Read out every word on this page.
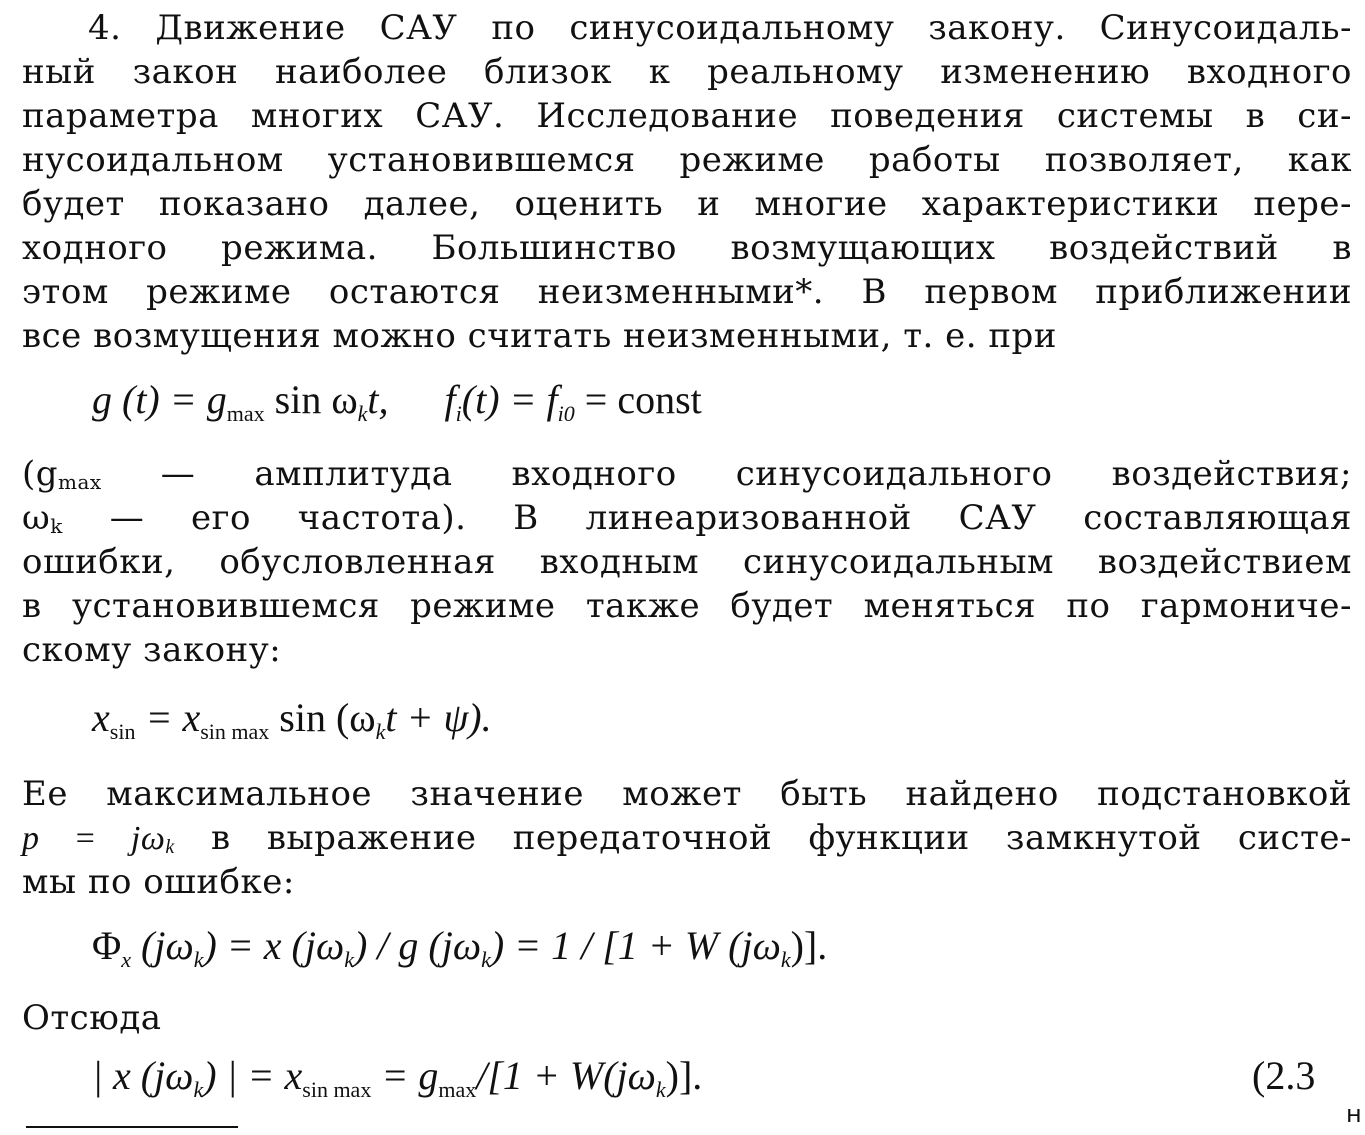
4. Движение САУ по синусоидальному закону. Синусоидаль-
ный закон наиболее близок к реальному изменению входного
параметра многих САУ. Исследование поведения системы в си-
нусоидальном установившемся режиме работы позволяет, как
будет показано далее, оценить и многие характеристики пере-
ходного режима. Большинство возмущающих воздействий в
этом режиме остаются неизменными*. В первом приближении
все возмущения можно считать неизменными, т. е. при
g $(t) = g_{max}$ $\sin \omega_kt$, $f_i(t) = f_{i0}$ = const
(gmax — амплитуда входного синусоидального воздействия;
ωk — его частота). В линеаризованной САУ составляющая
ошибки, обусловленная входным синусоидальным воздействием
в установившемся режиме также будет меняться по гармониче-
скому закону:
$x_{sin} = x_{sin max}$ $\sin (\omega_kt + \psi)$.
Ее максимальное значение может быть найдено подстановкой
p = jωk в выражение передаточной функции замкнутой систе-
мы по ошибке:
$\Phi_x$ $(j\omega_k) = x$ $(j\omega_k)$ / g $(j\omega_k) = 1 / [1 + W$ $(j\omega_k)$].
Отсюда
| x $(j\omega_k)$ | = $x_{sin max} = g_{max}/[1 + W(j\omega_k)]$.	(2.3
н
